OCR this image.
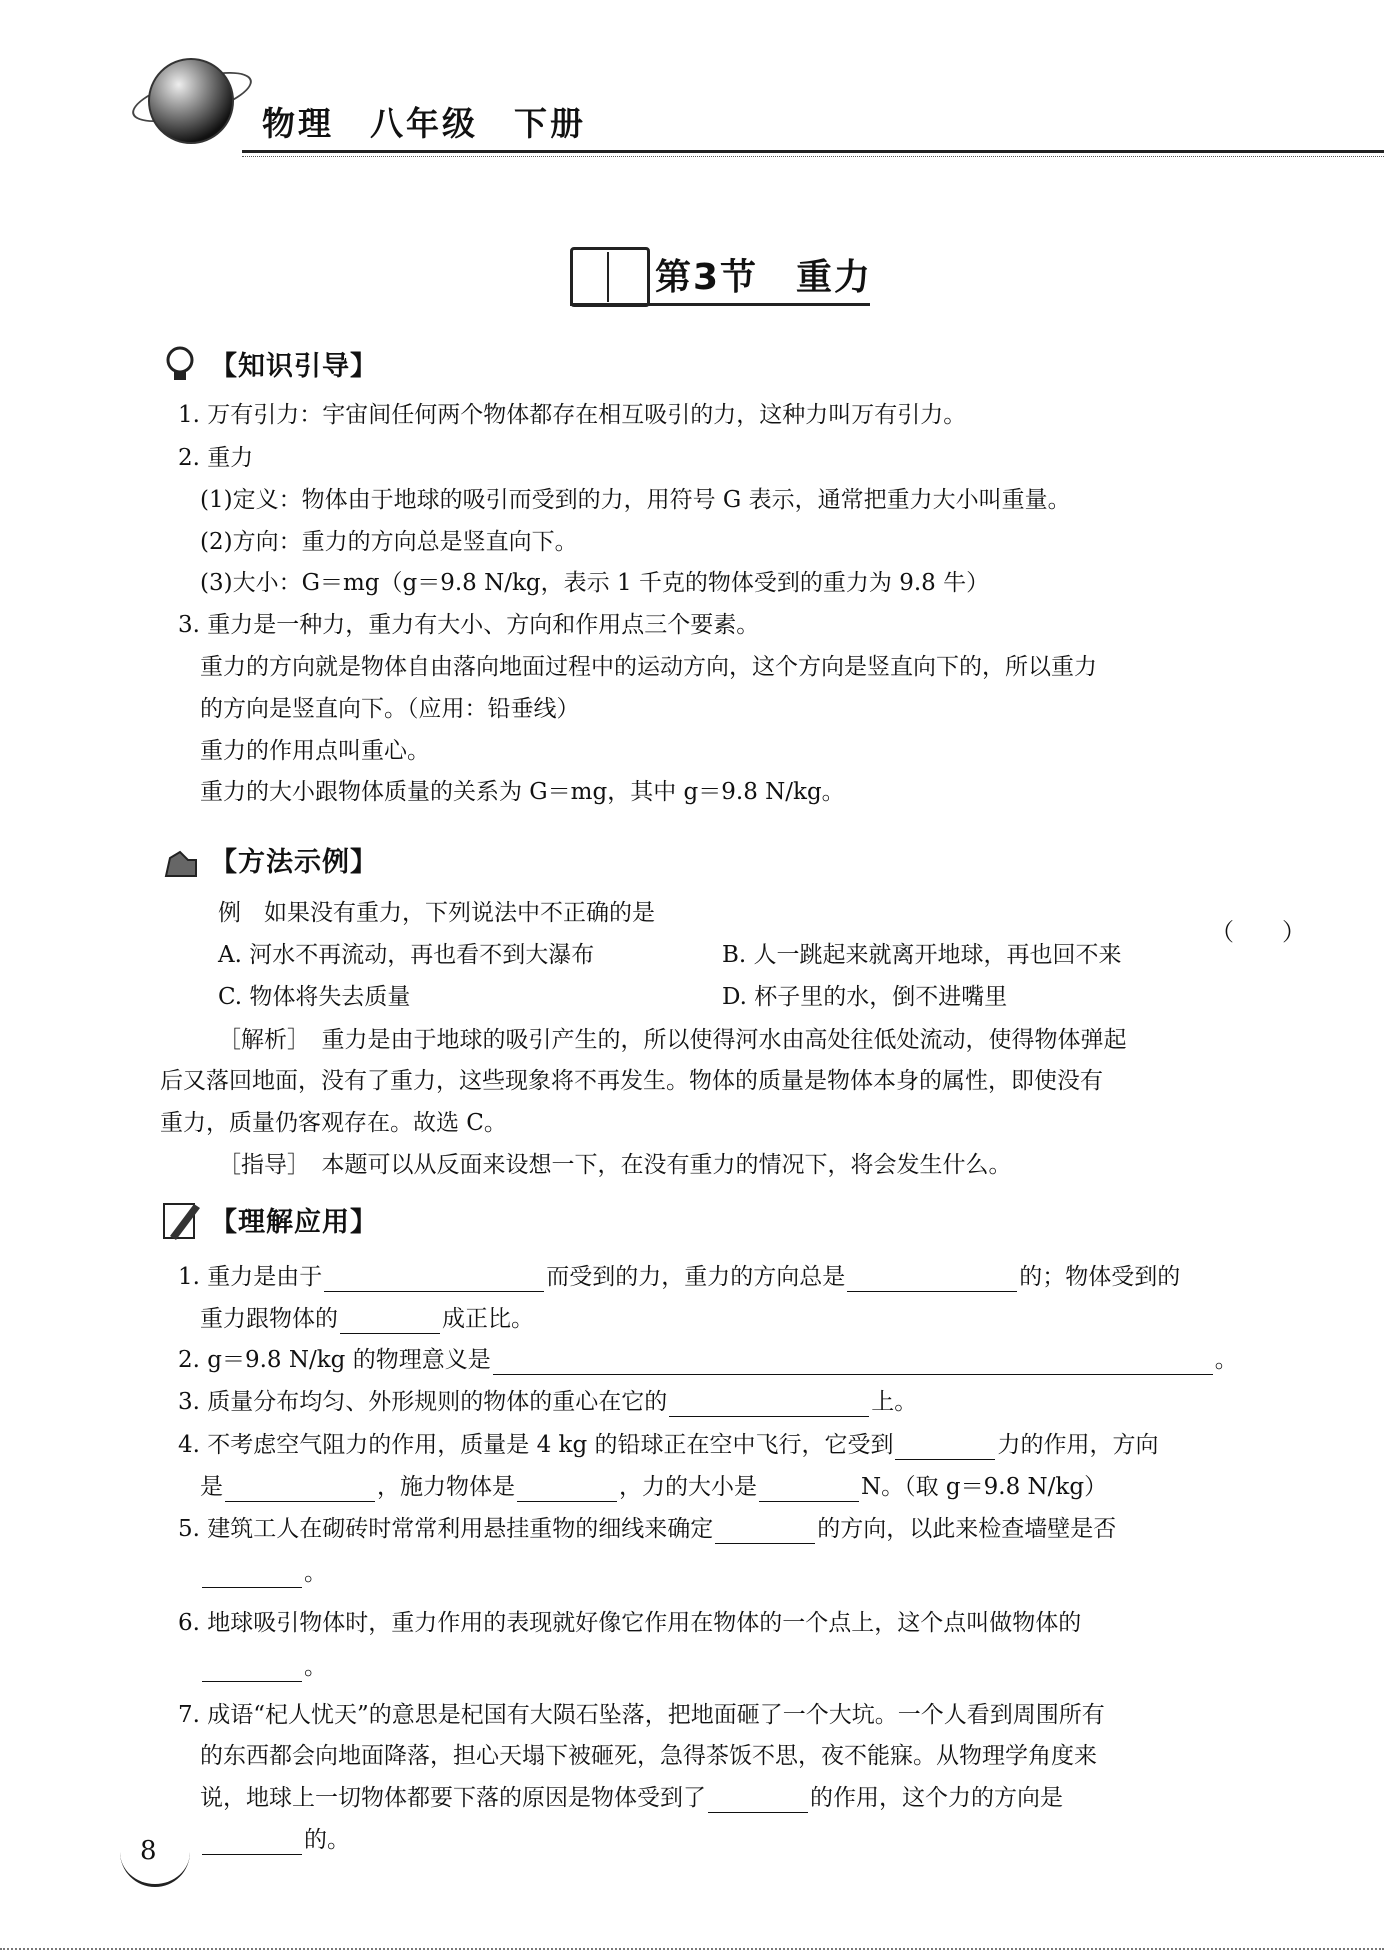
物理　八年级　下册
第3节　重力
【知识引导】
1. 万有引力：宇宙间任何两个物体都存在相互吸引的力，这种力叫万有引力。
2. 重力
(1)定义：物体由于地球的吸引而受到的力，用符号 G 表示，通常把重力大小叫重量。
(2)方向：重力的方向总是竖直向下。
(3)大小：G＝mg（g＝9.8 N/kg，表示 1 千克的物体受到的重力为 9.8 牛）
3. 重力是一种力，重力有大小、方向和作用点三个要素。
重力的方向就是物体自由落向地面过程中的运动方向，这个方向是竖直向下的，所以重力
的方向是竖直向下。（应用：铅垂线）
重力的作用点叫重心。
重力的大小跟物体质量的关系为 G＝mg，其中 g＝9.8 N/kg。
【方法示例】
例　如果没有重力，下列说法中不正确的是
（　　）
A. 河水不再流动，再也看不到大瀑布	B. 人一跳起来就离开地球，再也回不来
C. 物体将失去质量	D. 杯子里的水，倒不进嘴里
［解析］　重力是由于地球的吸引产生的，所以使得河水由高处往低处流动，使得物体弹起
后又落回地面，没有了重力，这些现象将不再发生。物体的质量是物体本身的属性，即使没有
重力，质量仍客观存在。故选 C。
［指导］　本题可以从反面来设想一下，在没有重力的情况下，将会发生什么。
【理解应用】
1. 重力是由于	而受到的力，重力的方向总是	的；物体受到的
重力跟物体的	成正比。
2. g＝9.8 N/kg 的物理意义是	。
3. 质量分布均匀、外形规则的物体的重心在它的	上。
4. 不考虑空气阻力的作用，质量是 4 kg 的铅球正在空中飞行，它受到	力的作用，方向
是	，施力物体是	，力的大小是	N。（取 g＝9.8 N/kg）
5. 建筑工人在砌砖时常常利用悬挂重物的细线来确定	的方向，以此来检查墙壁是否
。
6. 地球吸引物体时，重力作用的表现就好像它作用在物体的一个点上，这个点叫做物体的
。
7. 成语“杞人忧天”的意思是杞国有大陨石坠落，把地面砸了一个大坑。一个人看到周围所有
的东西都会向地面降落，担心天塌下被砸死，急得茶饭不思，夜不能寐。从物理学角度来
说，地球上一切物体都要下落的原因是物体受到了	的作用，这个力的方向是
的。
8
